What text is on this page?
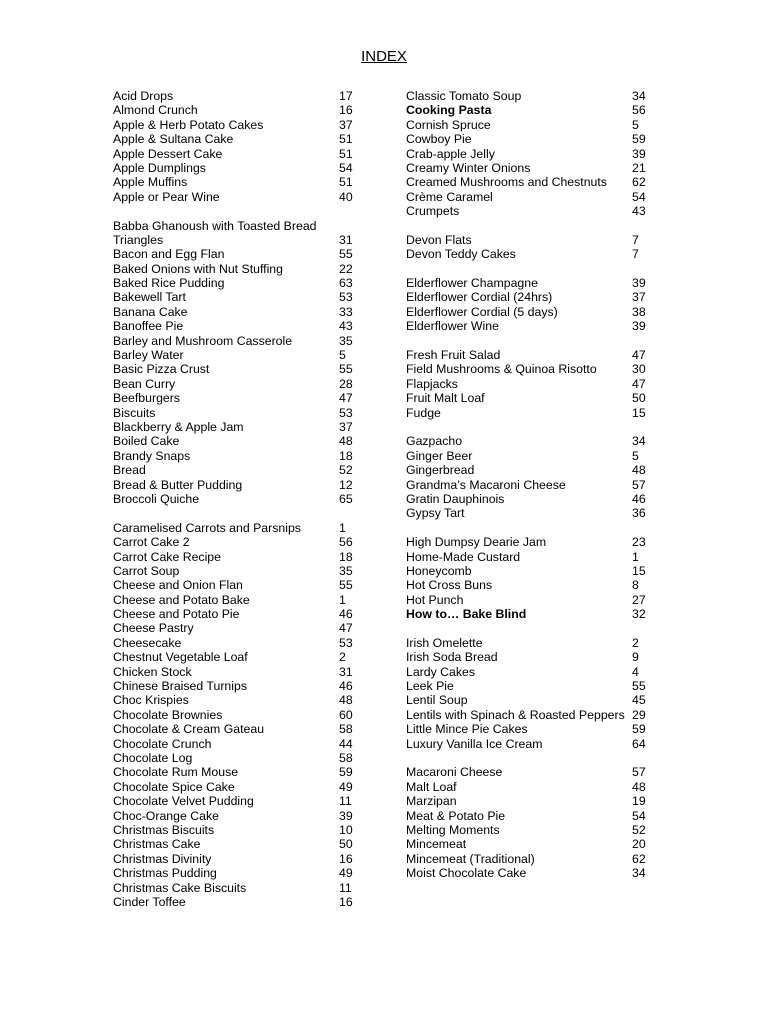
INDEX
Acid Drops	17
Almond Crunch	16
Apple & Herb Potato Cakes	37
Apple & Sultana Cake	51
Apple Dessert Cake	51
Apple Dumplings	54
Apple Muffins	51
Apple or Pear Wine	40
Babba Ghanoush with Toasted Bread Triangles	31
Bacon and Egg Flan	55
Baked Onions with Nut Stuffing	22
Baked Rice Pudding	63
Bakewell Tart	53
Banana Cake	33
Banoffee Pie	43
Barley and Mushroom Casserole	35
Barley Water	5
Basic Pizza Crust	55
Bean Curry	28
Beefburgers	47
Biscuits	53
Blackberry & Apple Jam	37
Boiled Cake	48
Brandy Snaps	18
Bread	52
Bread & Butter Pudding	12
Broccoli Quiche	65
Caramelised Carrots and Parsnips	1
Carrot Cake 2	56
Carrot Cake Recipe	18
Carrot Soup	35
Cheese and Onion Flan	55
Cheese and Potato Bake	1
Cheese and Potato Pie	46
Cheese Pastry	47
Cheesecake	53
Chestnut Vegetable Loaf	2
Chicken Stock	31
Chinese Braised Turnips	46
Choc Krispies	48
Chocolate Brownies	60
Chocolate & Cream Gateau	58
Chocolate Crunch	44
Chocolate Log	58
Chocolate Rum Mouse	59
Chocolate Spice Cake	49
Chocolate Velvet Pudding	11
Choc-Orange Cake	39
Christmas Biscuits	10
Christmas Cake	50
Christmas Divinity	16
Christmas Pudding	49
Christmas Cake Biscuits	11
Cinder Toffee	16
Classic Tomato Soup	34
Cooking Pasta	56
Cornish Spruce	5
Cowboy Pie	59
Crab-apple Jelly	39
Creamy Winter Onions	21
Creamed Mushrooms and Chestnuts 62
Crème Caramel	54
Crumpets	43
Devon Flats	7
Devon Teddy Cakes	7
Elderflower Champagne	39
Elderflower Cordial (24hrs)	37
Elderflower Cordial (5 days)	38
Elderflower Wine	39
Fresh Fruit Salad	47
Field Mushrooms & Quinoa Risotto	30
Flapjacks	47
Fruit Malt Loaf	50
Fudge	15
Gazpacho	34
Ginger Beer	5
Gingerbread	48
Grandma’s Macaroni Cheese	57
Gratin Dauphinois	46
Gypsy Tart	36
High Dumpsy Dearie Jam	23
Home-Made Custard	1
Honeycomb	15
Hot Cross Buns	8
Hot Punch	27
How to… Bake Blind	32
Irish Omelette	2
Irish Soda Bread	9
Lardy Cakes	4
Leek Pie	55
Lentil Soup	45
Lentils with Spinach & Roasted Peppers 29
Little Mince Pie Cakes	59
Luxury Vanilla Ice Cream	64
Macaroni Cheese	57
Malt Loaf	48
Marzipan	19
Meat & Potato Pie	54
Melting Moments	52
Mincemeat	20
Mincemeat (Traditional)	62
Moist Chocolate Cake	34
